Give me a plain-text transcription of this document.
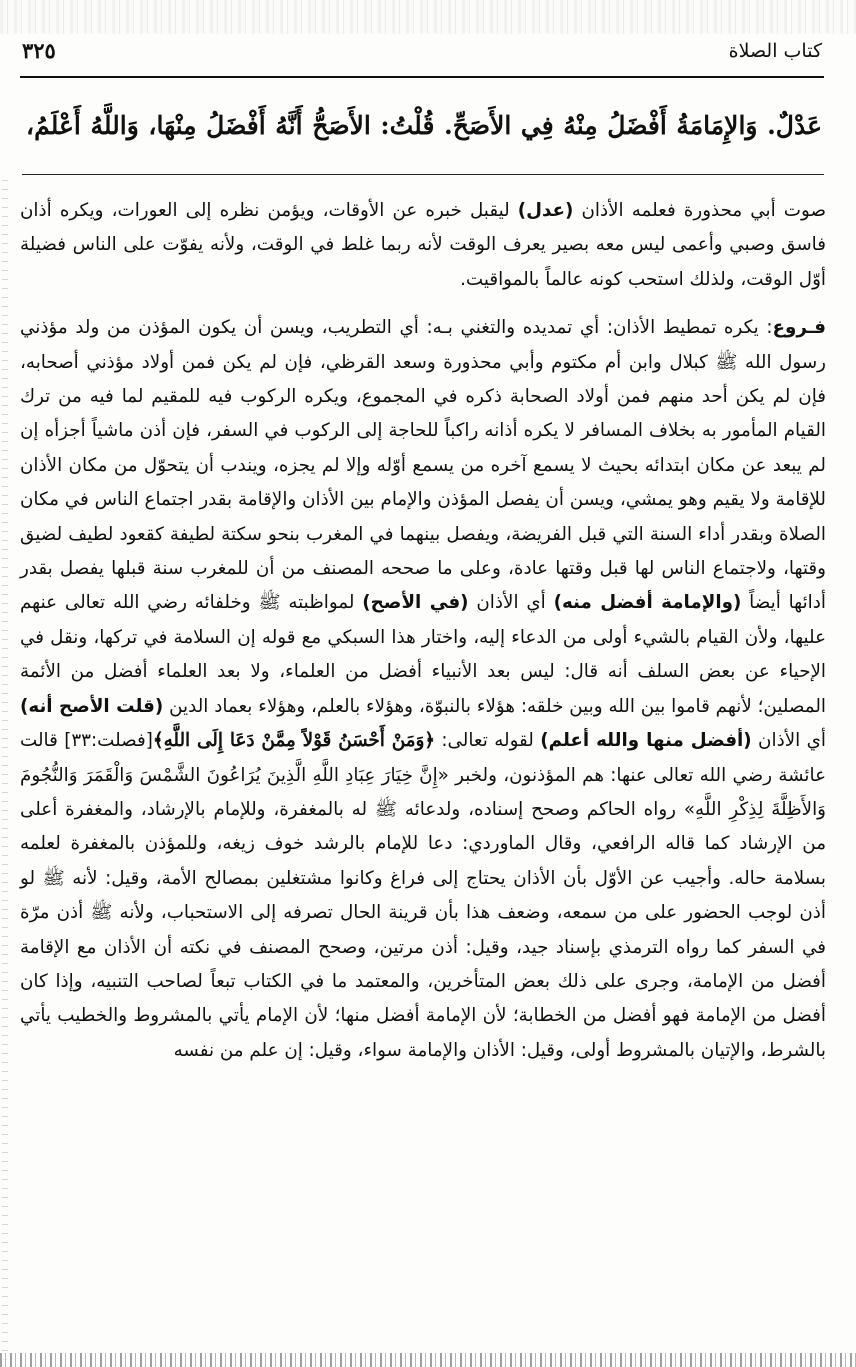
كتاب الصلاة
٣٢٥
عَدْلٌ. وَالإِمَامَةُ أَفْضَلُ مِنْهُ فِي الأَصَحِّ. قُلْتُ: الأَصَحُّ أَنَّهُ أَفْضَلُ مِنْهَا، وَاللَّهُ أَعْلَمُ،

صوت أبي محذورة فعلمه الأذان (عدل) ليقبل خبره عن الأوقات، ويؤمن نظره إلى العورات، ويكره أذان فاسق وصبي وأعمى ليس معه بصير يعرف الوقت لأنه ربما غلط في الوقت، ولأنه يفوّت على الناس فضيلة أوّل الوقت، ولذلك استحب كونه عالماً بالمواقيت.

فـروع: يكره تمطيط الأذان: أي تمديده والتغني بـه: أي التطريب، ويسن أن يكون المؤذن من ولد مؤذني رسول الله ﷺ كبلال وابن أم مكتوم وأبي محذورة وسعد القرظي، فإن لم يكن فمن أولاد مؤذني أصحابه، فإن لم يكن أحد منهم فمن أولاد الصحابة ذكره في المجموع، ويكره الركوب فيه للمقيم لما فيه من ترك القيام المأمور به بخلاف المسافر لا يكره أذانه راكباً للحاجة إلى الركوب في السفر، فإن أذن ماشياً أجزأه إن لم يبعد عن مكان ابتدائه بحيث لا يسمع آخره من يسمع أوّله وإلا لم يجزه، ويندب أن يتحوّل من مكان الأذان للإقامة ولا يقيم وهو يمشي، ويسن أن يفصل المؤذن والإمام بين الأذان والإقامة بقدر اجتماع الناس في مكان الصلاة وبقدر أداء السنة التي قبل الفريضة، ويفصل بينهما في المغرب بنحو سكتة لطيفة كقعود لطيف لضيق وقتها، ولاجتماع الناس لها قبل وقتها عادة، وعلى ما صححه المصنف من أن للمغرب سنة قبلها يفصل بقدر أدائها أيضاً (والإمامة أفضل منه) أي الأذان (في الأصح) لمواظبته ﷺ وخلفائه رضي الله تعالى عنهم عليها، ولأن القيام بالشيء أولى من الدعاء إليه، واختار هذا السبكي مع قوله إن السلامة في تركها، ونقل في الإحياء عن بعض السلف أنه قال: ليس بعد الأنبياء أفضل من العلماء، ولا بعد العلماء أفضل من الأئمة المصلين؛ لأنهم قاموا بين الله وبين خلقه: هؤلاء بالنبوّة، وهؤلاء بالعلم، وهؤلاء بعماد الدين (قلت الأصح أنه) أي الأذان (أفضل منها والله أعلم) لقوله تعالى: ﴿وَمَنْ أَحْسَنُ قَوْلاً مِمَّنْ دَعَا إِلَى اللَّهِ﴾[فصلت:٣٣] قالت عائشة رضي الله تعالى عنها: هم المؤذنون، ولخبر «إِنَّ خِيَارَ عِبَادِ اللَّهِ الَّذِينَ يُرَاعُونَ الشَّمْسَ وَالْقَمَرَ وَالنُّجُومَ وَالأَظِلَّةَ لِذِكْرِ اللَّهِ» رواه الحاكم وصحح إسناده، ولدعائه ﷺ له بالمغفرة، وللإمام بالإرشاد، والمغفرة أعلى من الإرشاد كما قاله الرافعي، وقال الماوردي: دعا للإمام بالرشد خوف زيغه، وللمؤذن بالمغفرة لعلمه بسلامة حاله. وأجيب عن الأوّل بأن الأذان يحتاج إلى فراغ وكانوا مشتغلين بمصالح الأمة، وقيل: لأنه ﷺ لو أذن لوجب الحضور على من سمعه، وضعف هذا بأن قرينة الحال تصرفه إلى الاستحباب، ولأنه ﷺ أذن مرّة في السفر كما رواه الترمذي بإسناد جيد، وقيل: أذن مرتين، وصحح المصنف في نكته أن الأذان مع الإقامة أفضل من الإمامة، وجرى على ذلك بعض المتأخرين، والمعتمد ما في الكتاب تبعاً لصاحب التنبيه، وإذا كان أفضل من الإمامة فهو أفضل من الخطابة؛ لأن الإمامة أفضل منها؛ لأن الإمام يأتي بالمشروط والخطيب يأتي بالشرط، والإتيان بالمشروط أولى، وقيل: الأذان والإمامة سواء، وقيل: إن علم من نفسه
